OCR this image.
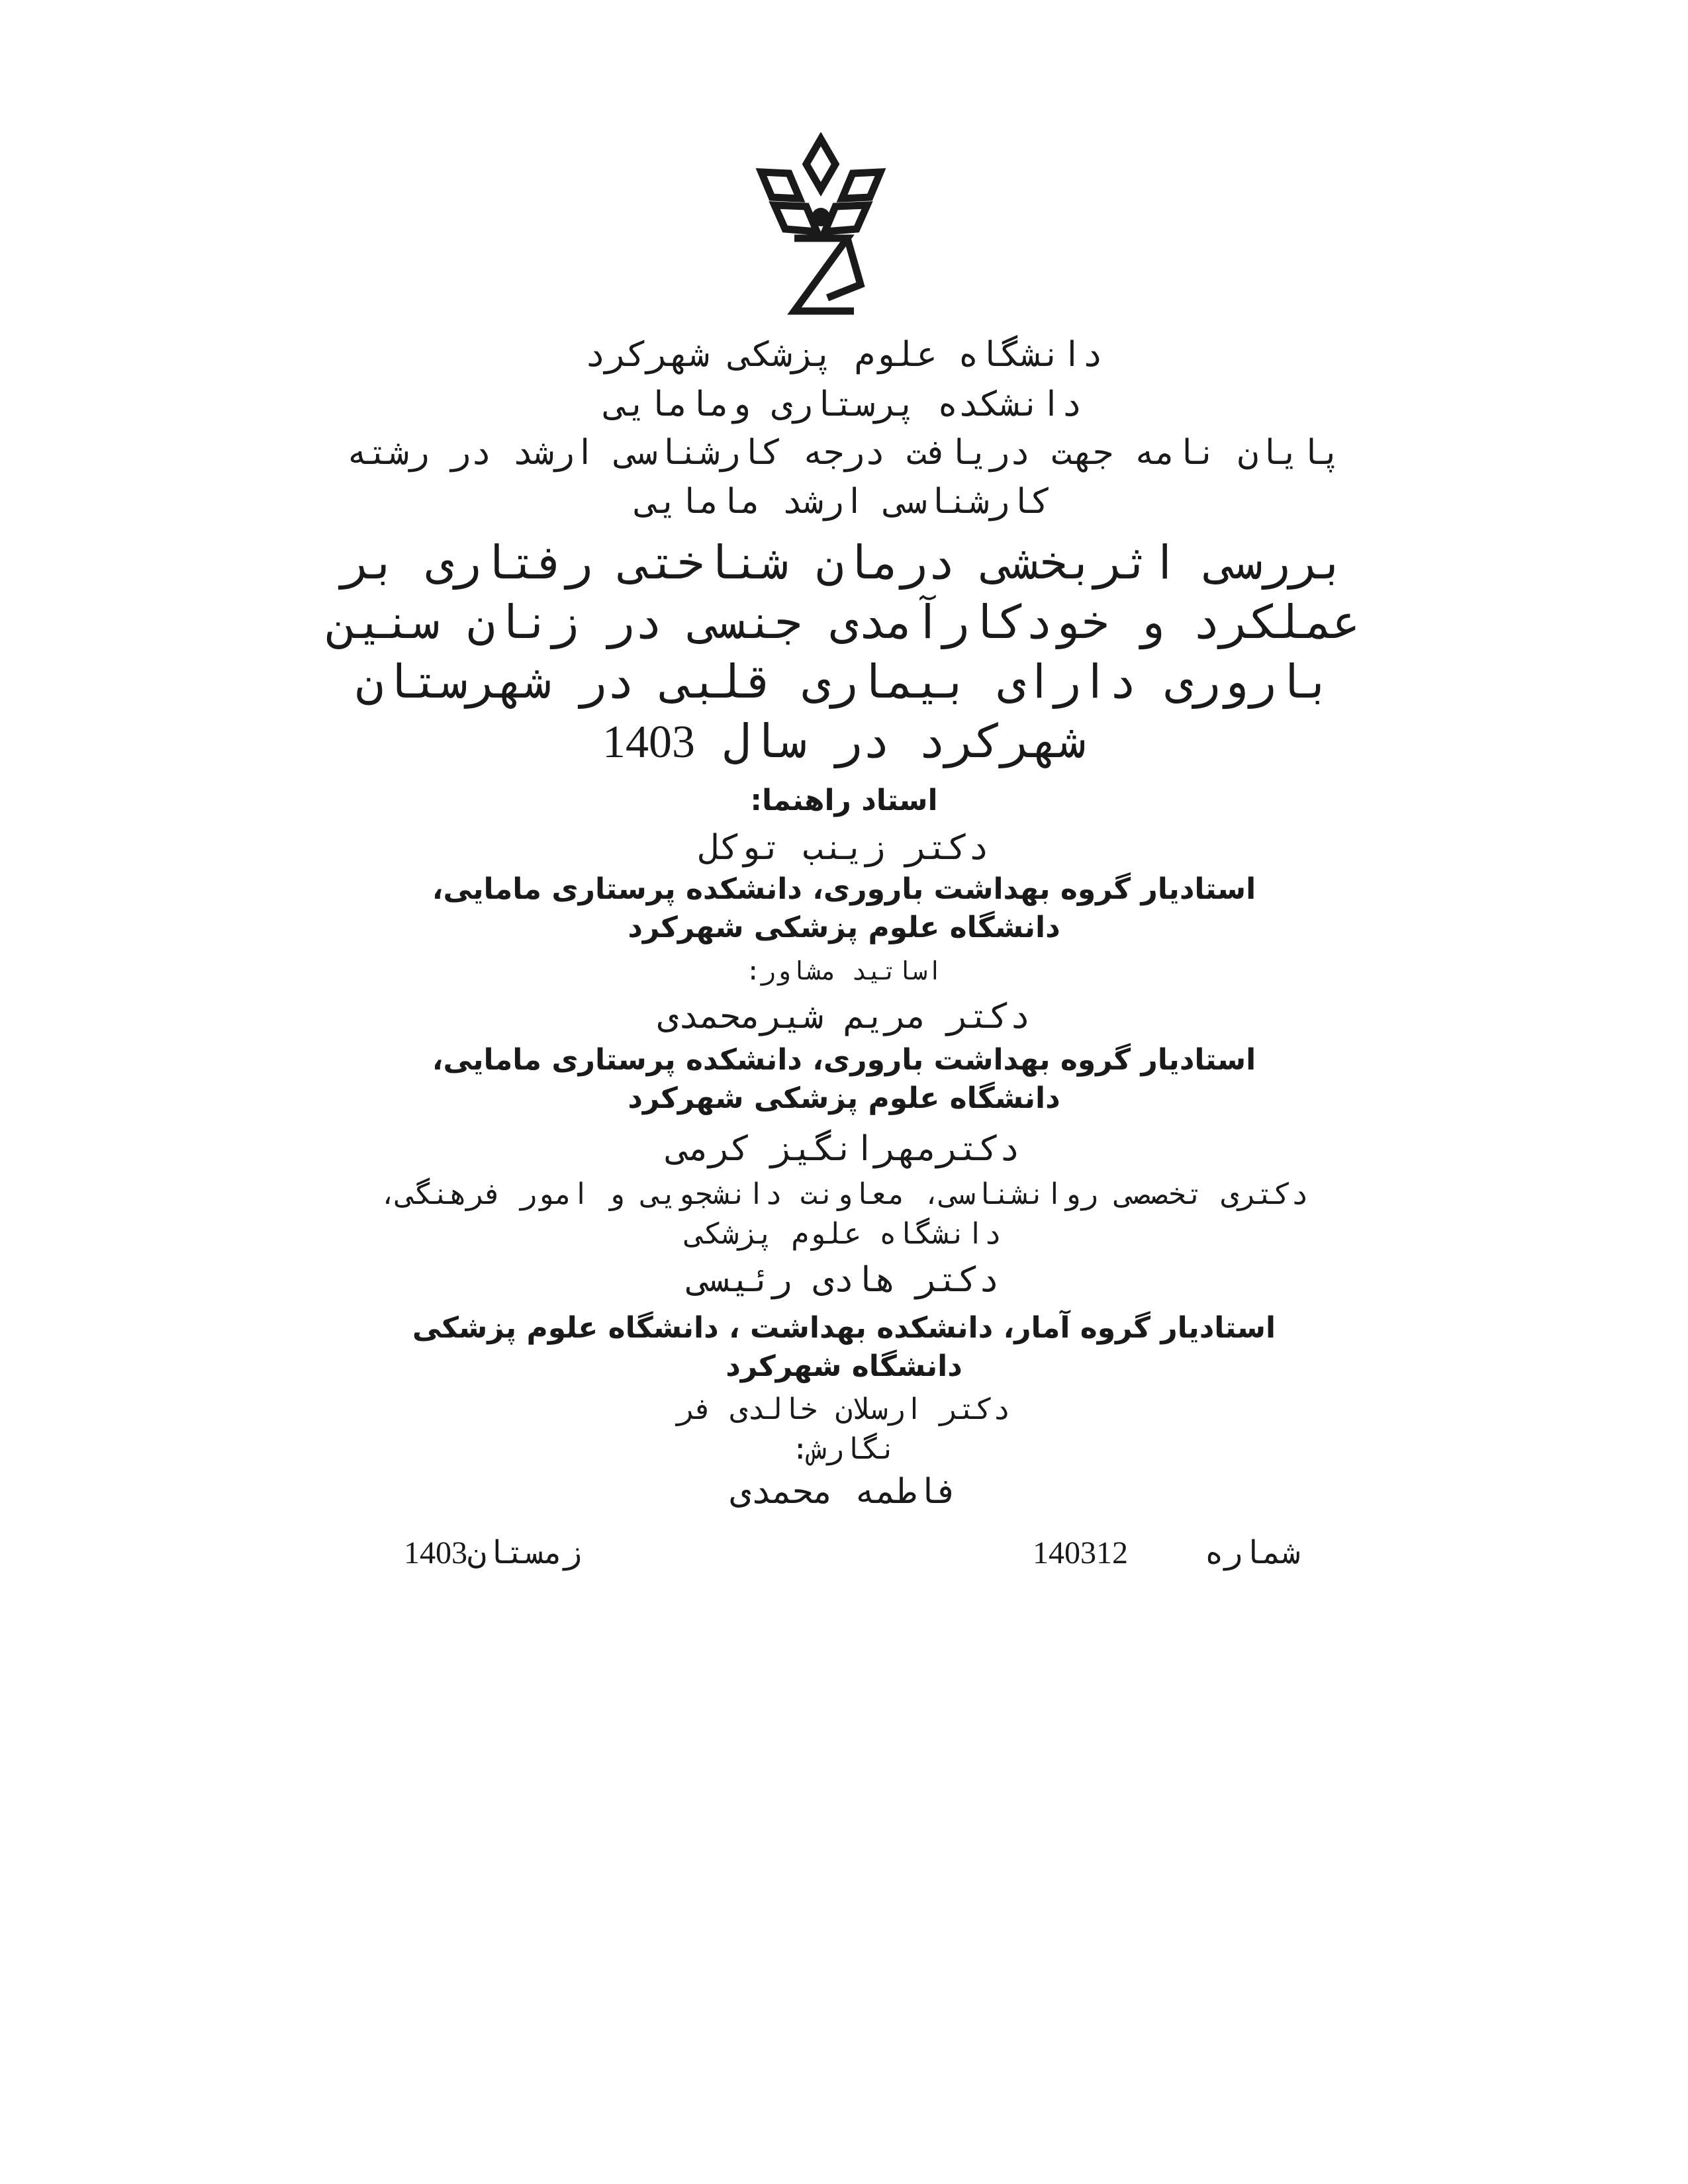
دانشگاه علوم پزشکی شهرکرد
دانشکده پرستاری ومامایی
پایان نامه جهت دریافت درجه کارشناسی ارشد در رشته
کارشناسی ارشد مامایی
بررسی اثربخشی درمان شناختی رفتاری بر
عملکرد و خودکارآمدی جنسی در زنان سنین
باروری دارای بیماری قلبی در شهرستان
شهرکرد در سال 1403
استاد راهنما:
دکتر زینب توکل
استادیار گروه بهداشت باروری، دانشکده پرستاری مامایی،
دانشگاه علوم پزشکی شهرکرد
اساتید مشاور:
دکتر مریم شیرمحمدی
استادیار گروه بهداشت باروری، دانشکده پرستاری مامایی،
دانشگاه علوم پزشکی شهرکرد
دکترمهرانگیز کرمی
دکتری تخصصی روانشناسی، معاونت دانشجویی و امور فرهنگی،
دانشگاه علوم پزشکی
دکتر هادی رئیسی
استادیار گروه آمار، دانشکده بهداشت ، دانشگاه علوم پزشکی
دانشگاه شهرکرد
دکتر ارسلان خالدی فر
نگارش:
فاطمه محمدی
شماره    140312
زمستان1403
